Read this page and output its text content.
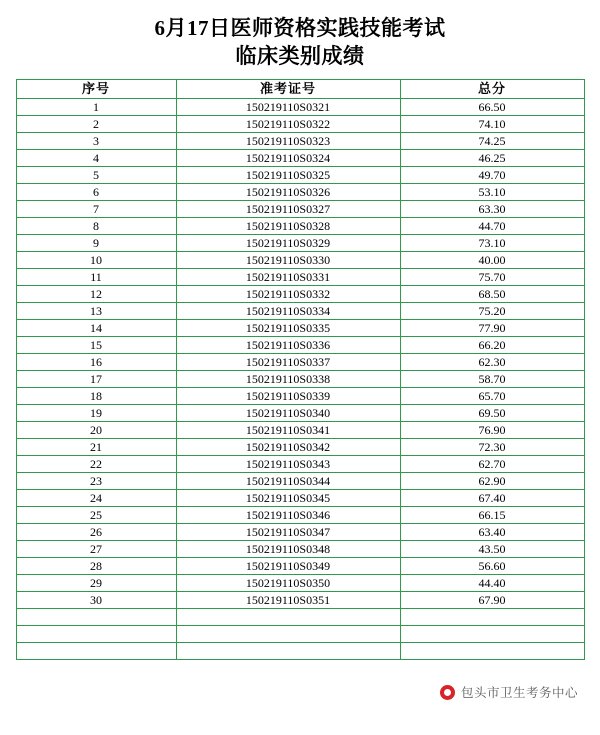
6月17日医师资格实践技能考试
临床类别成绩
序号	准考证号	总分
1	150219110S0321	66.50
2	150219110S0322	74.10
3	150219110S0323	74.25
4	150219110S0324	46.25
5	150219110S0325	49.70
6	150219110S0326	53.10
7	150219110S0327	63.30
8	150219110S0328	44.70
9	150219110S0329	73.10
10	150219110S0330	40.00
11	150219110S0331	75.70
12	150219110S0332	68.50
13	150219110S0334	75.20
14	150219110S0335	77.90
15	150219110S0336	66.20
16	150219110S0337	62.30
17	150219110S0338	58.70
18	150219110S0339	65.70
19	150219110S0340	69.50
20	150219110S0341	76.90
21	150219110S0342	72.30
22	150219110S0343	62.70
23	150219110S0344	62.90
24	150219110S0345	67.40
25	150219110S0346	66.15
26	150219110S0347	63.40
27	150219110S0348	43.50
28	150219110S0349	56.60
29	150219110S0350	44.40
30	150219110S0351	67.90

包头市卫生考务中心
